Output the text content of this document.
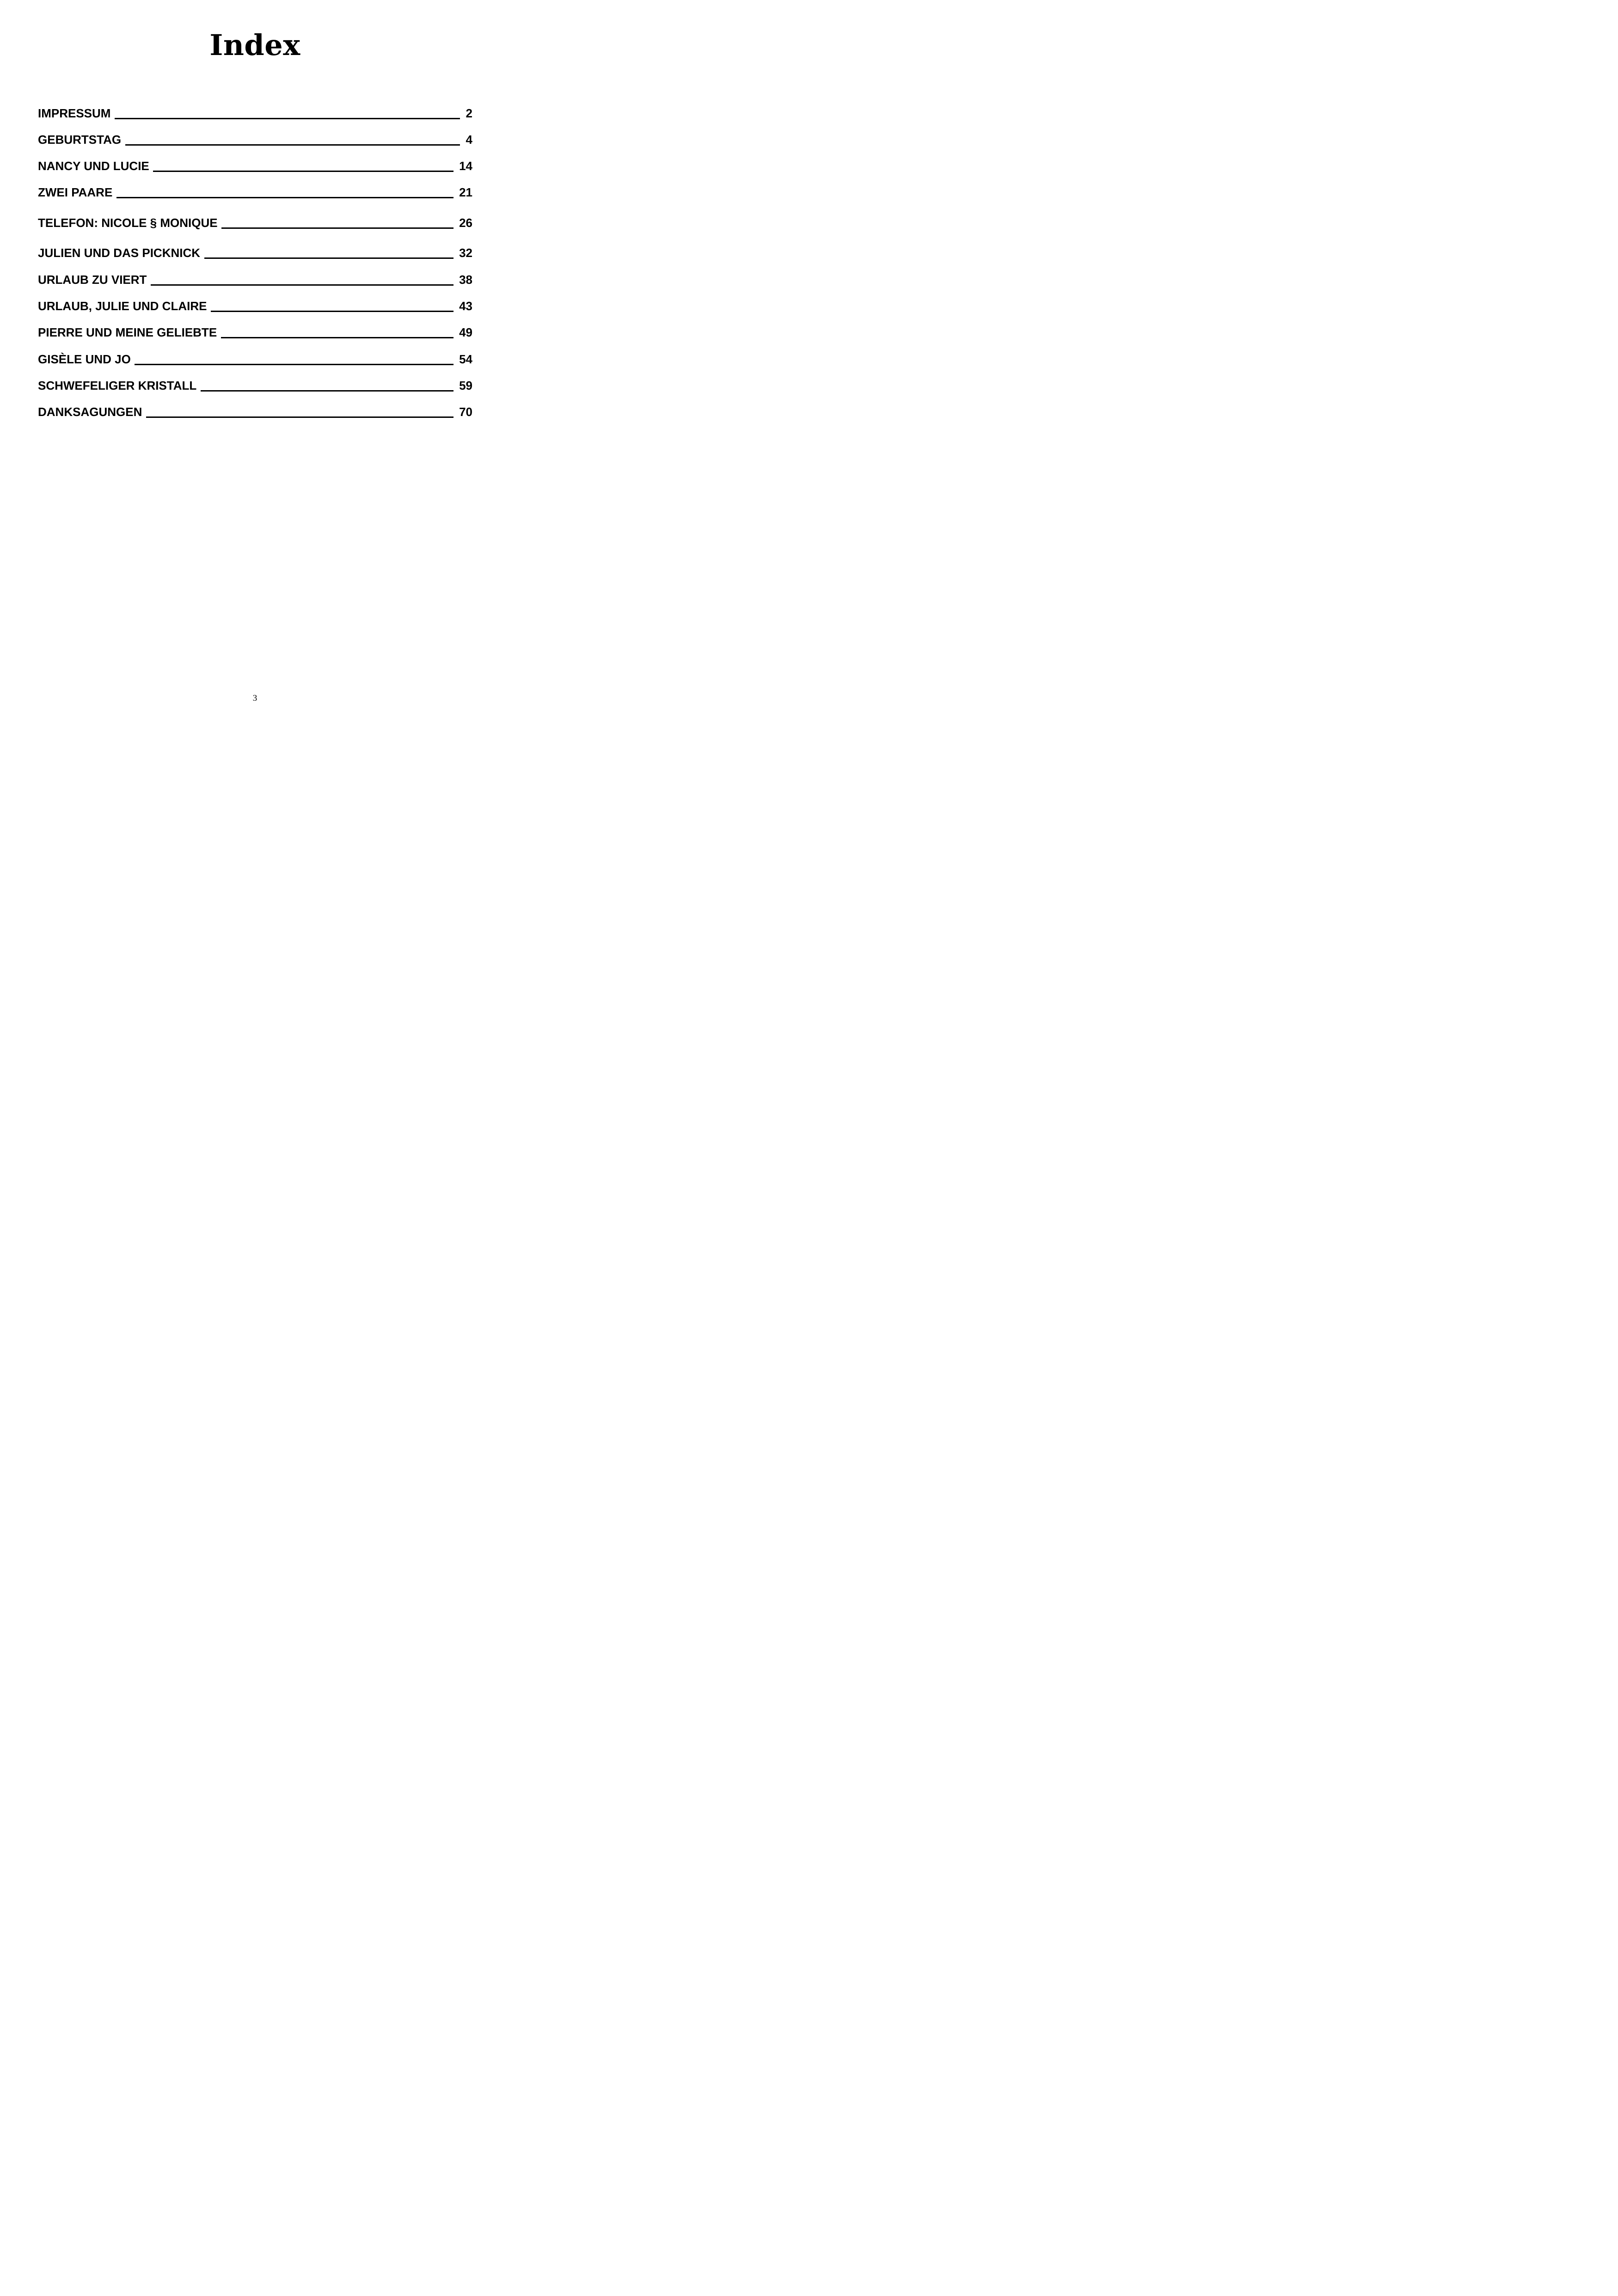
Index
IMPRESSUM	2
GEBURTSTAG	4
NANCY UND LUCIE	14
ZWEI PAARE	21
TELEFON: NICOLE § MONIQUE	26
JULIEN UND DAS PICKNICK	32
URLAUB ZU VIERT	38
URLAUB, JULIE UND CLAIRE	43
PIERRE UND MEINE GELIEBTE	49
GISÈLE UND JO	54
SCHWEFELIGER KRISTALL	59
DANKSAGUNGEN	70
3
